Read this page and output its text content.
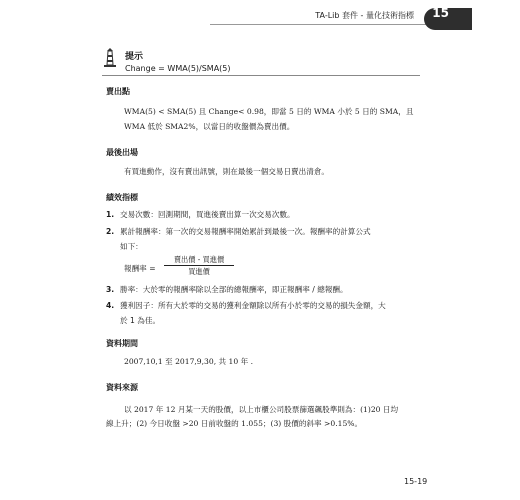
TA-Lib 套件 - 量化技術指標 15
提示
Change = WMA(5)/SMA(5)
賣出點
WMA(5) < SMA(5) 且 Change< 0.98，即當 5 日的 WMA 小於 5 日的 SMA，且
WMA 低於 SMA2%，以當日的收盤價為賣出價。
最後出場
有買進動作，沒有賣出訊號，則在最後一個交易日賣出清倉。
績效指標
1. 交易次數：回測期間，買進後賣出算一次交易次數。
2. 累計報酬率：第一次的交易報酬率開始累計到最後一次。報酬率的計算公式
如下：
報酬率 =
賣出價 - 買進價
買進價
3. 勝率：大於零的報酬率除以全部的總報酬率，即正報酬率 / 總報酬。
4. 獲利因子：所有大於零的交易的獲利金額除以所有小於零的交易的損失金額，大
於 1 為佳。
資料期間
2007,10,1 至 2017,9,30, 共 10 年 .
資料來源
以 2017 年 12 月某一天的股價，以上市櫃公司股票篩選飆股準則為：(1)20 日均
線上升；(2) 今日收盤 >20 日前收盤的 1.055；(3) 股價的斜率 >0.15%。
15-19
